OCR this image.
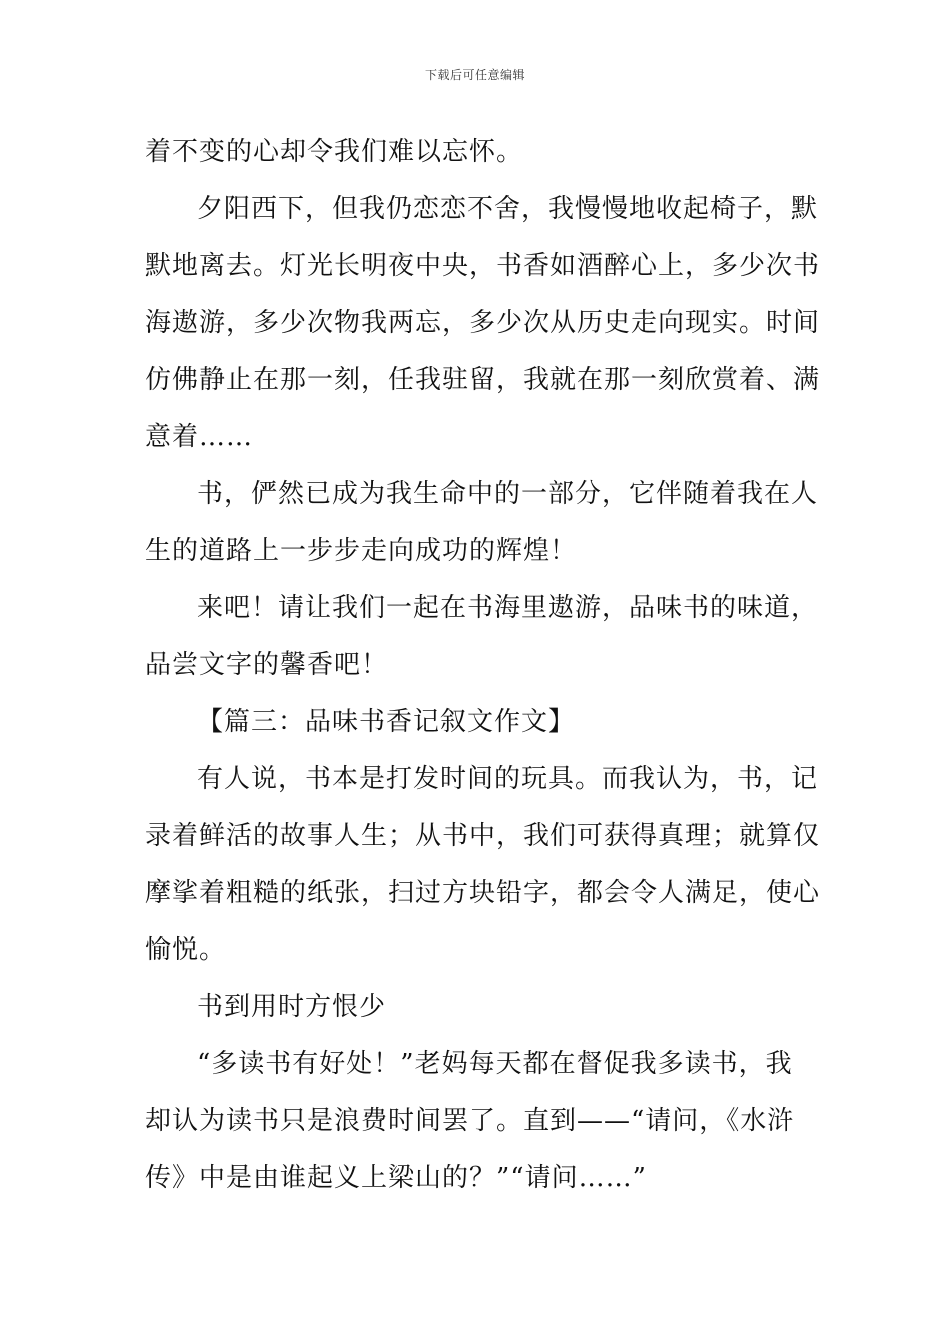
下载后可任意编辑
着不变的心却令我们难以忘怀。
夕阳西下，但我仍恋恋不舍，我慢慢地收起椅子，默
默地离去。灯光长明夜中央，书香如酒醉心上，多少次书
海遨游，多少次物我两忘，多少次从历史走向现实。时间
仿佛静止在那一刻，任我驻留，我就在那一刻欣赏着、满
意着……
书，俨然已成为我生命中的一部分，它伴随着我在人
生的道路上一步步走向成功的辉煌！
来吧！请让我们一起在书海里遨游，品味书的味道，
品尝文字的馨香吧！
【篇三：品味书香记叙文作文】
有人说，书本是打发时间的玩具。而我认为，书，记
录着鲜活的故事人生；从书中，我们可获得真理；就算仅
摩挲着粗糙的纸张，扫过方块铅字，都会令人满足，使心
愉悦。
书到用时方恨少
“多读书有好处！”老妈每天都在督促我多读书，我
却认为读书只是浪费时间罢了。直到——“请问，《水浒
传》中是由谁起义上梁山的？”“请问……”
